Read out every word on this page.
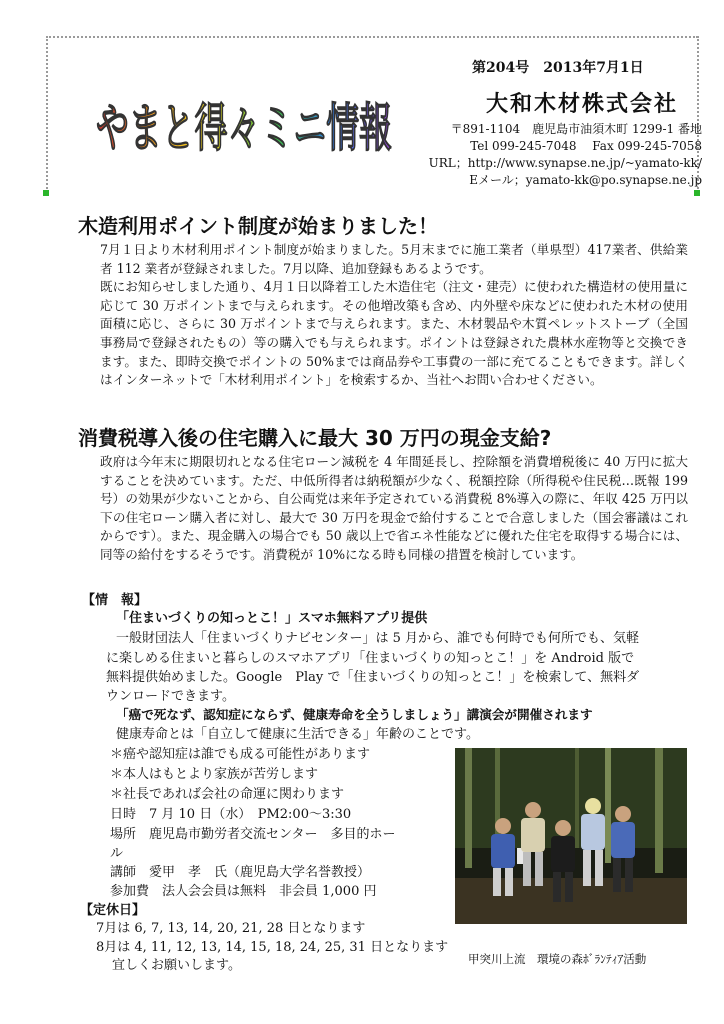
やまと得々ミニ情報
第204号　2013年7月1日
大和木材株式会社
〒891-1104　鹿児島市油須木町 1299-1 番地
Tel 099-245-7048　 Fax 099-245-7058
URL；http://www.synapse.ne.jp/~yamato-kk/
Eメール；yamato-kk@po.synapse.ne.jp
木造利用ポイント制度が始まりました！

7月１日より木材利用ポイント制度が始まりました。5月末までに施工業者（単県型）417業者、供給業者 112 業者が登録されました。7月以降、追加登録もあるようです。

既にお知らせしました通り、4月１日以降着工した木造住宅（注文・建売）に使われた構造材の使用量に応じて 30 万ポイントまで与えられます。その他増改築も含め、内外壁や床などに使われた木材の使用面積に応じ、さらに 30 万ポイントまで与えられます。また、木材製品や木質ペレットストーブ（全国事務局で登録されたもの）等の購入でも与えられます。ポイントは登録された農林水産物等と交換できます。また、即時交換でポイントの 50%までは商品券や工事費の一部に充てることもできます。詳しくはインターネットで「木材利用ポイント」を検索するか、当社へお問い合わせください。

消費税導入後の住宅購入に最大 30 万円の現金支給?

政府は今年末に期限切れとなる住宅ローン減税を 4 年間延長し、控除額を消費増税後に 40 万円に拡大することを決めています。ただ、中低所得者は納税額が少なく、税額控除（所得税や住民税…既報 199 号）の効果が少ないことから、自公両党は来年予定されている消費税 8%導入の際に、年収 425 万円以下の住宅ローン購入者に対し、最大で 30 万円を現金で給付することで合意しました（国会審議はこれからです）。また、現金購入の場合でも 50 歳以上で省エネ性能などに優れた住宅を取得する場合には、同等の給付をするそうです。消費税が 10%になる時も同様の措置を検討しています。

【情　報】
「住まいづくりの知っとこ！」スマホ無料アプリ提供
一般財団法人「住まいづくりナビセンター」は 5 月から、誰でも何時でも何所でも、気軽
に楽しめる住まいと暮らしのスマホアプリ「住まいづくりの知っとこ！」を Android 版で
無料提供始めました。Google　Play で「住まいづくりの知っとこ！」を検索して、無料ダ
ウンロードできます。
「癌で死なず、認知症にならず、健康寿命を全うしましょう」講演会が開催されます
健康寿命とは「自立して健康に生活できる」年齢のことです。
＊癌や認知症は誰でも成る可能性があります
＊本人はもとより家族が苦労します
＊社長であれば会社の命運に関わります
日時　7 月 10 日（水）　PM2:00～3:30
場所　鹿児島市勤労者交流センター　多目的ホー
ル
講師　愛甲　孝　氏（鹿児島大学名誉教授）
参加費　法人会会員は無料　非会員 1,000 円
【定休日】
7月は 6, 7, 13, 14, 20, 21, 28 日となります
8月は 4, 11, 12, 13, 14, 15, 18, 24, 25, 31 日となります
宜しくお願いします。	甲突川上流　環境の森ﾎﾞﾗﾝﾃｨｱ活動
